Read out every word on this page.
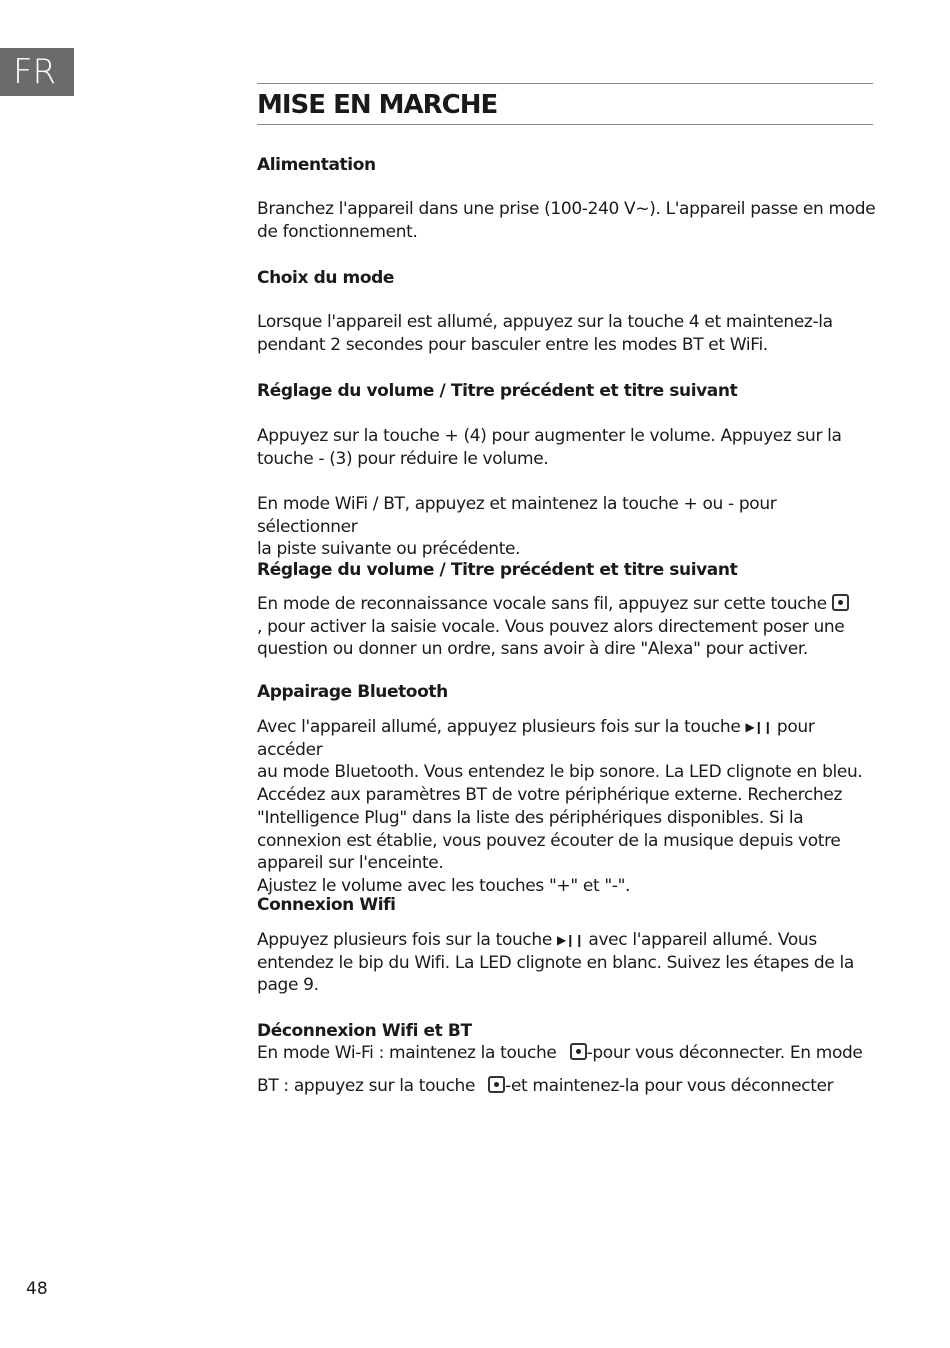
FR
MISE EN MARCHE

Alimentation

Branchez l'appareil dans une prise (100-240 V~). L'appareil passe en mode
de fonctionnement.

Choix du mode

Lorsque l'appareil est allumé, appuyez sur la touche 4 et maintenez-la
pendant 2 secondes pour basculer entre les modes BT et WiFi.

Réglage du volume / Titre précédent et titre suivant

Appuyez sur la touche + (4) pour augmenter le volume. Appuyez sur la
touche - (3) pour réduire le volume.

En mode WiFi / BT, appuyez et maintenez la touche + ou - pour sélectionner
la piste suivante ou précédente.

Réglage du volume / Titre précédent et titre suivant

En mode de reconnaissance vocale sans fil, appuyez sur cette touche
, pour activer la saisie vocale. Vous pouvez alors directement poser une
question ou donner un ordre, sans avoir à dire "Alexa" pour activer.

Appairage Bluetooth

Avec l'appareil allumé, appuyez plusieurs fois sur la touche ▶❙❙ pour accéder
au mode Bluetooth. Vous entendez le bip sonore. La LED clignote en bleu.
Accédez aux paramètres BT de votre périphérique externe. Recherchez
"Intelligence Plug" dans la liste des périphériques disponibles. Si la
connexion est établie, vous pouvez écouter de la musique depuis votre
appareil sur l'enceinte.
Ajustez le volume avec les touches "+" et "-".

Connexion Wifi

Appuyez plusieurs fois sur la touche ▶❙❙ avec l'appareil allumé. Vous
entendez le bip du Wifi. La LED clignote en blanc. Suivez les étapes de la
page 9.

Déconnexion Wifi et BT

En mode Wi-Fi : maintenez la touche -pour vous déconnecter. En mode

BT : appuyez sur la touche -et maintenez-la pour vous déconnecter

48
